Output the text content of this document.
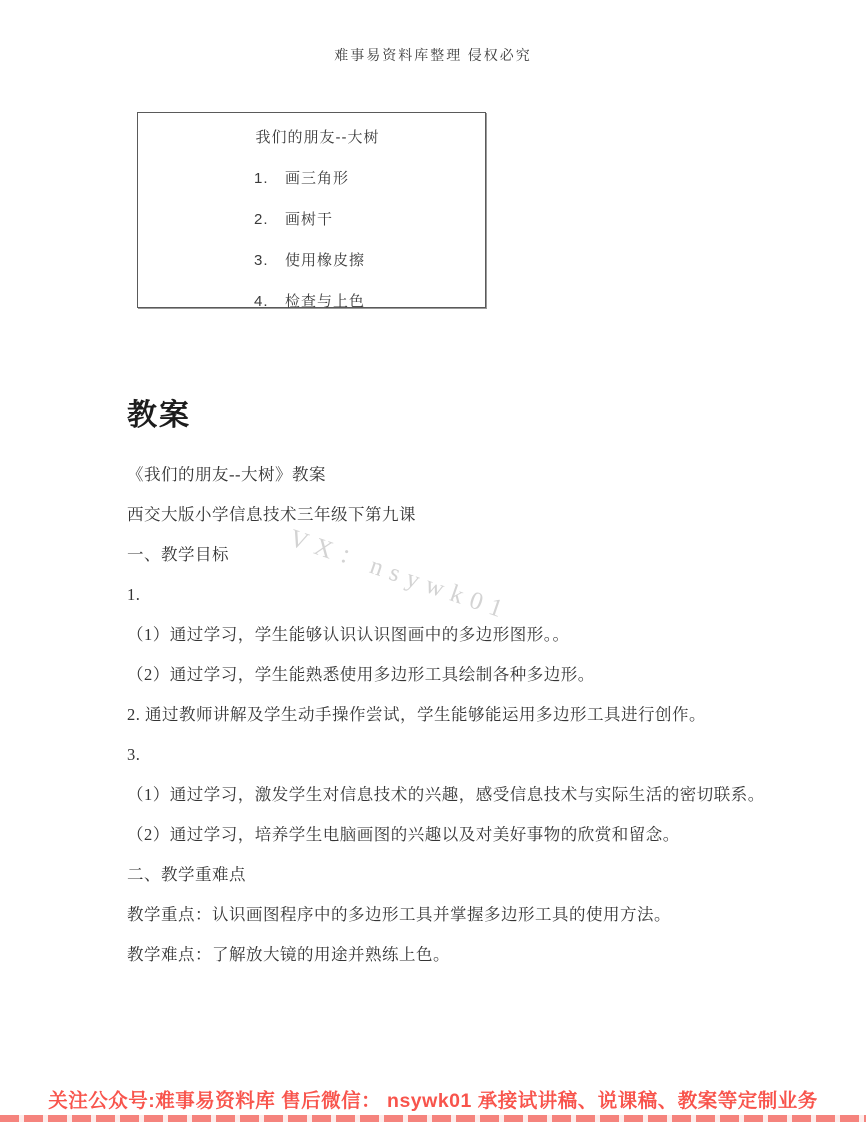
难事易资料库整理 侵权必究
我们的朋友--大树
1. 画三角形
2. 画树干
3. 使用橡皮擦
4. 检查与上色
VX：nsywk01
教案

《我们的朋友--大树》教案

西交大版小学信息技术三年级下第九课

一、教学目标

1.

（1）通过学习，学生能够认识认识图画中的多边形图形。。

（2）通过学习，学生能熟悉使用多边形工具绘制各种多边形。

2. 通过教师讲解及学生动手操作尝试，学生能够能运用多边形工具进行创作。

3.

（1）通过学习，激发学生对信息技术的兴趣，感受信息技术与实际生活的密切联系。

（2）通过学习，培养学生电脑画图的兴趣以及对美好事物的欣赏和留念。

二、教学重难点

教学重点：认识画图程序中的多边形工具并掌握多边形工具的使用方法。

教学难点：了解放大镜的用途并熟练上色。

关注公众号:难事易资料库 售后微信： nsywk01 承接试讲稿、说课稿、教案等定制业务
